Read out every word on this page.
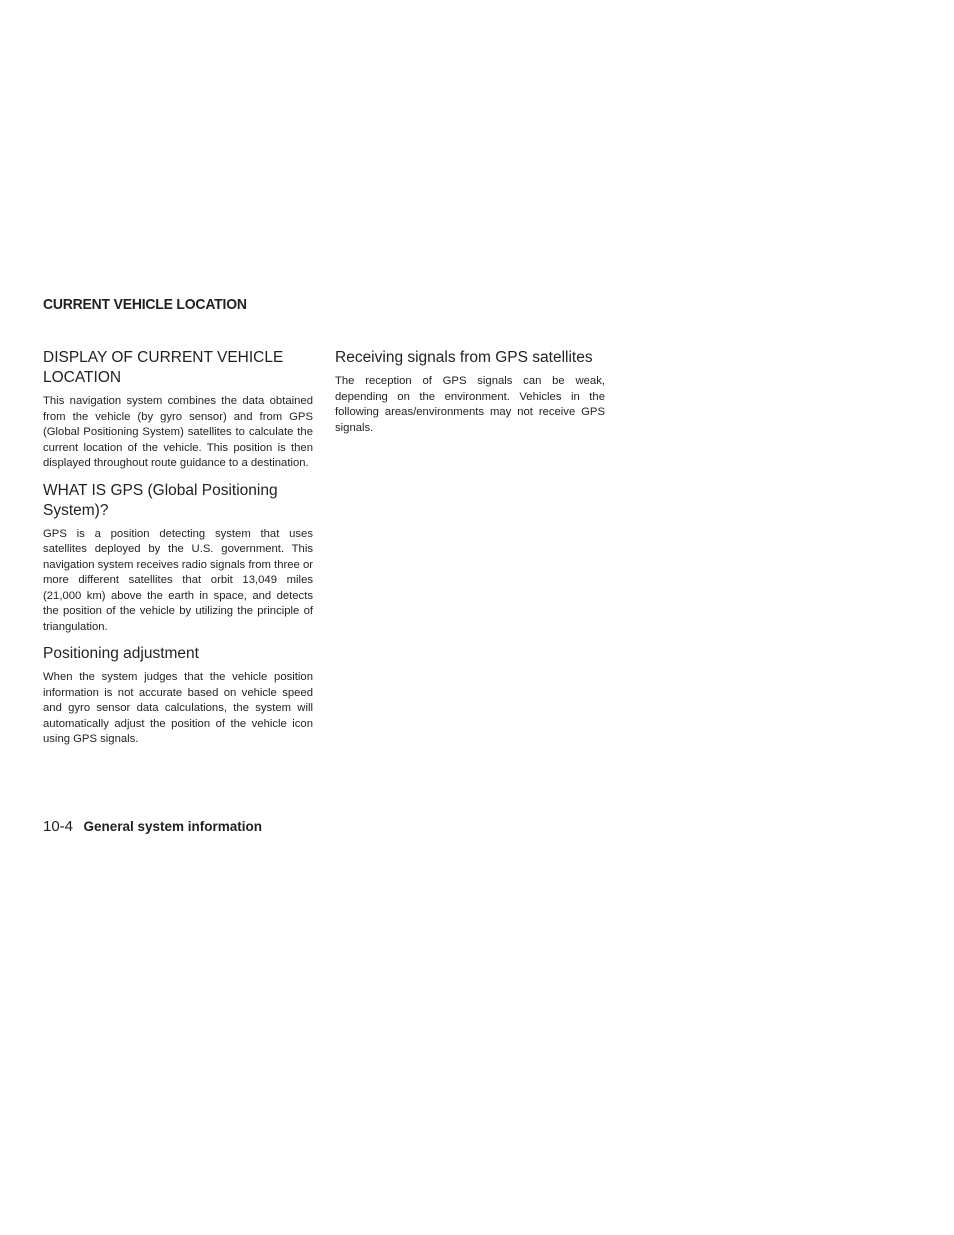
CURRENT VEHICLE LOCATION
DISPLAY OF CURRENT VEHICLE LOCATION

This navigation system combines the data obtained from the vehicle (by gyro sensor) and from GPS (Global Positioning System) satellites to calculate the current location of the vehicle. This position is then displayed throughout route guidance to a destination.

WHAT IS GPS (Global Positioning System)?

GPS is a position detecting system that uses satellites deployed by the U.S. government. This navigation system receives radio signals from three or more different satellites that orbit 13,049 miles (21,000 km) above the earth in space, and detects the position of the vehicle by utilizing the principle of triangulation.

Positioning adjustment

When the system judges that the vehicle position information is not accurate based on vehicle speed and gyro sensor data calculations, the system will automatically adjust the position of the vehicle icon using GPS signals.

Receiving signals from GPS satellites

The reception of GPS signals can be weak, depending on the environment. Vehicles in the following areas/environments may not receive GPS signals.

10-4 General system information
